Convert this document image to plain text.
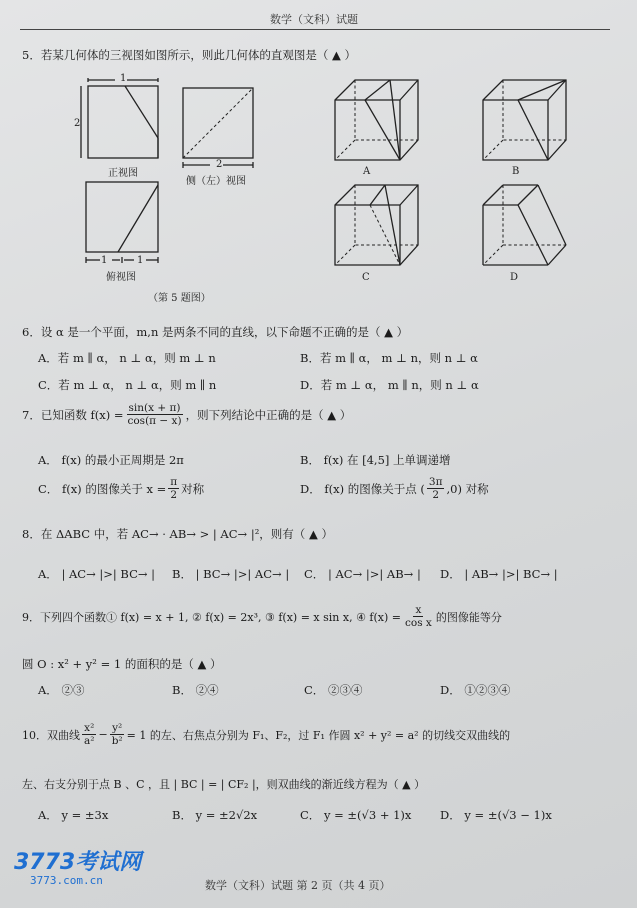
数学（文科）试题
5．若某几何体的三视图如图所示，则此几何体的直观图是（ ▲ ）
1
2
2
1	1
正视图
侧（左）视图
俯视图
（第 5 题图）
A	B
C	D
6．设 α 是一个平面，m,n 是两条不同的直线，以下命题不正确的是（ ▲ ）
A．若 m ∥ α， n ⊥ α，则 m ⊥ n	B．若 m ∥ α， m ⊥ n，则 n ⊥ α
C．若 m ⊥ α， n ⊥ α，则 m ∥ n	D．若 m ⊥ α， m ∥ n，则 n ⊥ α
7．已知函数 $f(x) = \frac{\sin(x + \pi)}{\cos(\pi - x)}$ ，则下列结论中正确的是（ ▲ ）
A． f(x) 的最小正周期是 2π	B． f(x) 在 [4,5] 上单调递增
C． f(x) 的图像关于 $x = \frac{\pi}{2}$ 对称	D． f(x) 的图像关于点 ( $\frac{3\pi}{2} ,0$) 对称
8．在 ΔABC 中，若 AC→ · AB→ > | AC→ |²，则有（ ▲ ）
A． | AC→ |>| BC→ | B． | BC→ |>| AC→ | C． | AC→ |>| AB→ | D． | AB→ |>| BC→ |
9．下列四个函数① f(x) = x + 1, ② f(x) = 2x³, ③ f(x) = x sin x, ④ $f(x) = \frac{x}{\text{cos x}}$ 的图像能等分
圆 O : x² + y² = 1 的面积的是（ ▲ ）
A． ②③	B． ②④	C． ②③④	D． ①②③④
10．双曲线 $\frac{\text{x²}}{\text{a²}} - \frac{\text{y²}}{\text{b²}} = 1$ 的左、右焦点分别为 F₁、F₂，过 F₁ 作圆 x² + y² = a² 的切线交双曲线的
左、右支分别于点 B 、C ，且 | BC | = | CF₂ |，则双曲线的渐近线方程为（ ▲ ）
A． y = ±3x	B． y = ±2√2x	C． y = ±(√3 + 1)x D． y = ±(√3 − 1)x
3773考试网
3773.com.cn	数学（文科）试题 第 2 页（共 4 页）
